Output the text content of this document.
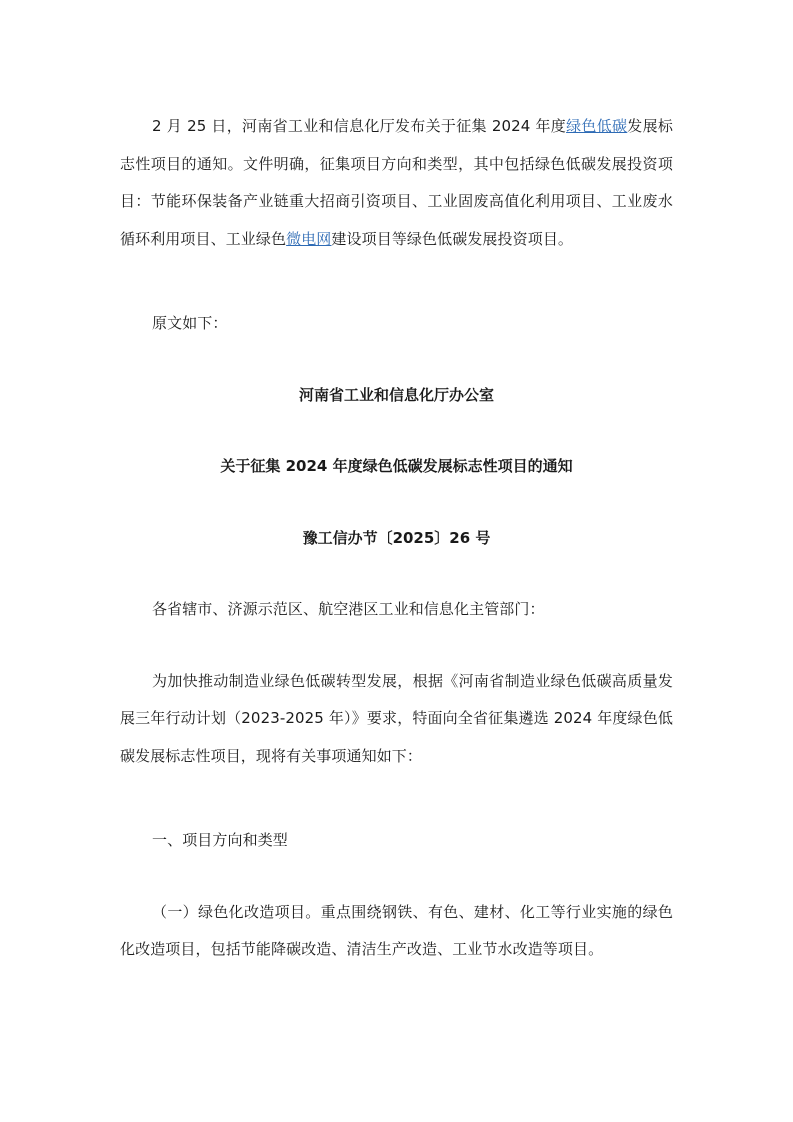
2 月 25 日，河南省工业和信息化厅发布关于征集 2024 年度绿色低碳发展标志性项目的通知。文件明确，征集项目方向和类型，其中包括绿色低碳发展投资项目：节能环保装备产业链重大招商引资项目、工业固废高值化利用项目、工业废水循环利用项目、工业绿色微电网建设项目等绿色低碳发展投资项目。

原文如下：

河南省工业和信息化厅办公室

关于征集 2024 年度绿色低碳发展标志性项目的通知

豫工信办节〔2025〕26 号

各省辖市、济源示范区、航空港区工业和信息化主管部门：

为加快推动制造业绿色低碳转型发展，根据《河南省制造业绿色低碳高质量发展三年行动计划（2023-2025 年）》要求，特面向全省征集遴选 2024 年度绿色低碳发展标志性项目，现将有关事项通知如下：

一、项目方向和类型

（一）绿色化改造项目。重点围绕钢铁、有色、建材、化工等行业实施的绿色化改造项目，包括节能降碳改造、清洁生产改造、工业节水改造等项目。
